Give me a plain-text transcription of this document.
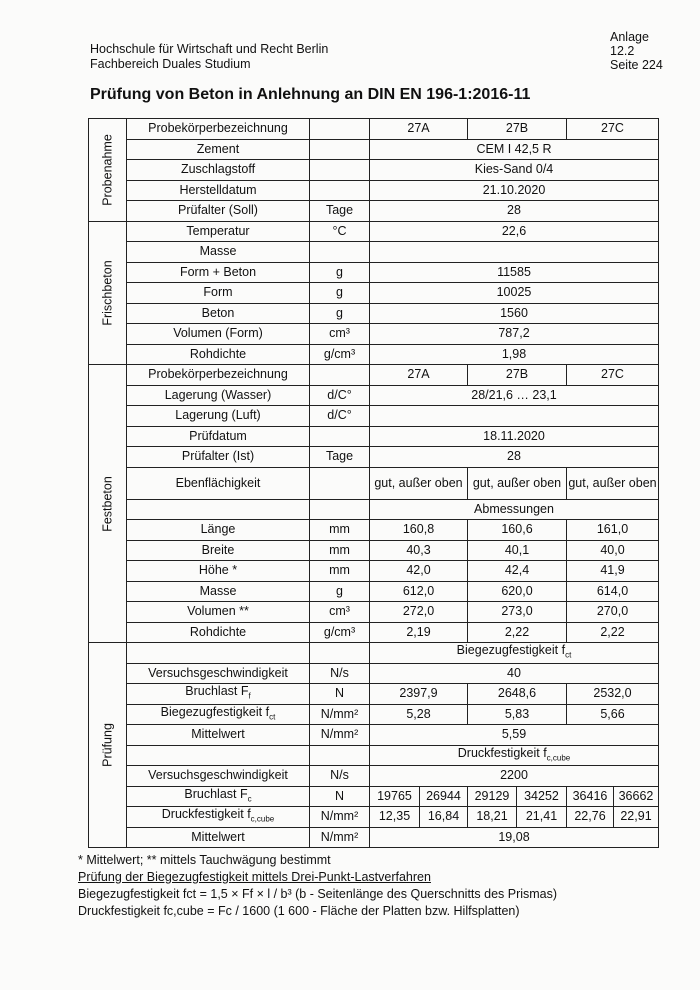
Hochschule für Wirtschaft und Recht Berlin
Fachbereich Duales Studium
Anlage
12.2
Seite 224
Prüfung von Beton in Anlehnung an DIN EN 196-1:2016-11
Probenahme	Probekörperbezeichnung		27A		27B		27C	
	Zement		CEM I 42,5 R					
	Zuschlagstoff		Kies-Sand 0/4					
	Herstelldatum		21.10.2020					
	Prüfalter (Soll)	Tage	28					

Frischbeton	Temperatur	°C	22,6					
	Masse							
	Form + Beton	g	11585					
	Form	g	10025					
	Beton	g	1560					
	Volumen (Form)	cm³	787,2					
	Rohdichte	g/cm³	1,98					

Festbeton	Probekörperbezeichnung		27A		27B		27C	
	Lagerung (Wasser)	d/C°	28/21,6 … 23,1					
	Lagerung (Luft)	d/C°						
	Prüfdatum		18.11.2020					
	Prüfalter (Ist)	Tage	28					
	Ebenflächigkeit		gut, außer oben		gut, außer oben		gut, außer oben	
			Abmessungen					
	Länge	mm	160,8		160,6		161,0	
	Breite	mm	40,3		40,1		40,0	
	Höhe *	mm	42,0		42,4		41,9	
	Masse	g	612,0		620,0		614,0	
	Volumen **	cm³	272,0		273,0		270,0	
	Rohdichte	g/cm³	2,19		2,22		2,22	

Prüfung			Biegezugfestigkeit $f_{ct}$
	Versuchsgeschwindigkeit	N/s	40					
	Bruchlast $F_f$	N	2397,9		2648,6		2532,0	
	Biegezugfestigkeit $f_{ct}$	N/mm²	5,28		5,83		5,66	
	Mittelwert	N/mm²	5,59					
			Druckfestigkeit $f_{c,cube}$
	Versuchsgeschwindigkeit	N/s	2200					
	Bruchlast $F_c$	N	19765	26944	29129	34252	36416	36662
	Druckfestigkeit $f_{c,cube}$	N/mm²	12,35	16,84	18,21	21,41	22,76	22,91
	Mittelwert	N/mm²	19,08					
* Mittelwert; ** mittels Tauchwägung bestimmt
Prüfung der Biegezugfestigkeit mittels Drei-Punkt-Lastverfahren
Biegezugfestigkeit fct = 1,5 × Ff × l / b³ (b - Seitenlänge des Querschnitts des Prismas)
Druckfestigkeit fc,cube = Fc / 1600 (1 600 - Fläche der Platten bzw. Hilfsplatten)
